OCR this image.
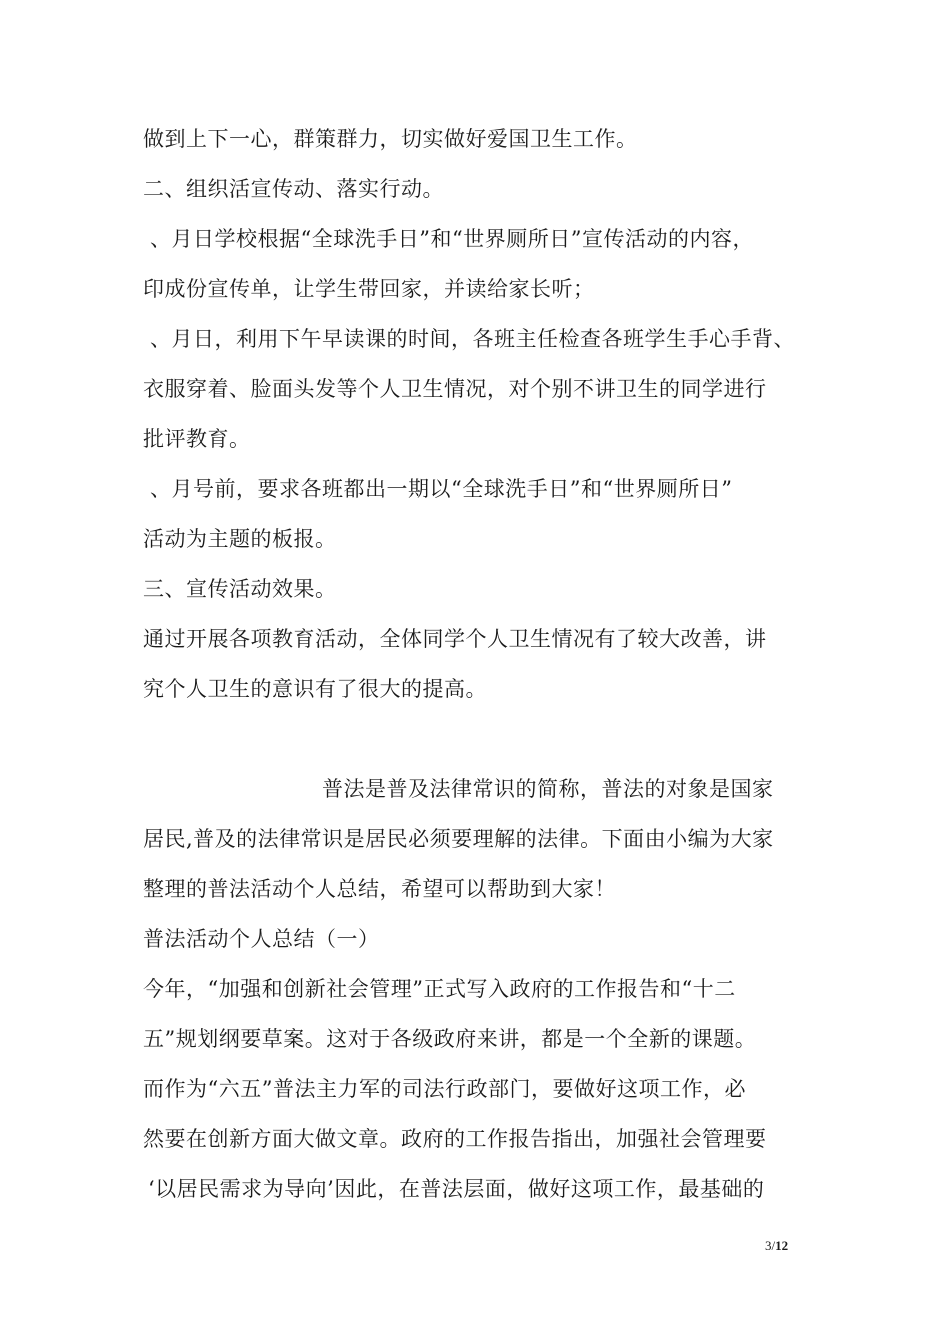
做到上下一心，群策群力，切实做好爱国卫生工作。
二、组织活宣传动、落实行动。
、月日学校根据“全球洗手日”和“世界厕所日”宣传活动的内容，
印成份宣传单，让学生带回家，并读给家长听；
、月日，利用下午早读课的时间，各班主任检查各班学生手心手背、
衣服穿着、脸面头发等个人卫生情况，对个别不讲卫生的同学进行
批评教育。
、月号前，要求各班都出一期以“全球洗手日”和“世界厕所日”
活动为主题的板报。
三、宣传活动效果。
通过开展各项教育活动，全体同学个人卫生情况有了较大改善，讲
究个人卫生的意识有了很大的提高。
普法是普及法律常识的简称，普法的对象是国家
居民,普及的法律常识是居民必须要理解的法律。下面由小编为大家
整理的普法活动个人总结，希望可以帮助到大家！
普法活动个人总结（一）
今年，“加强和创新社会管理”正式写入政府的工作报告和“十二
五”规划纲要草案。这对于各级政府来讲，都是一个全新的课题。
而作为“六五”普法主力军的司法行政部门，要做好这项工作，必
然要在创新方面大做文章。政府的工作报告指出，加强社会管理要
‘以居民需求为导向’因此，在普法层面，做好这项工作，最基础的
3/12
